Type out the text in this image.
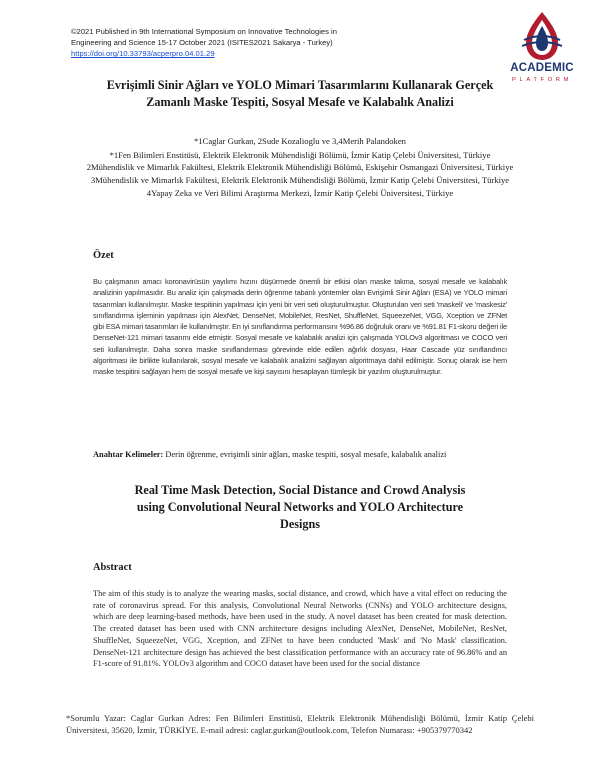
©2021 Published in 9th International Symposium on Innovative Technologies in
Engineering and Science 15-17 October 2021 (ISITES2021 Sakarya - Turkey)
https://doi.org/10.33793/acperpro.04.01.29
ACADEMIC
PLATFORM
Evrişimli Sinir Ağları ve YOLO Mimari Tasarımlarını Kullanarak Gerçek
Zamanlı Maske Tespiti, Sosyal Mesafe ve Kalabalık Analizi
*1Caglar Gurkan, 2Sude Kozalioglu ve 3,4Merih Palandoken

*1Fen Bilimleri Enstitüsü, Elektrik Elektronik Mühendisliği Bölümü, İzmir Katip Çelebi Üniversitesi, Türkiye

2Mühendislik ve Mimarlık Fakültesi, Elektrik Elektronik Mühendisliği Bölümü, Eskişehir Osmangazi Üniversitesi, Türkiye

3Mühendislik ve Mimarlık Fakültesi, Elektrik Elektronik Mühendisliği Bölümü, İzmir Katip Çelebi Üniversitesi, Türkiye

4Yapay Zeka ve Veri Bilimi Araştırma Merkezi, İzmir Katip Çelebi Üniversitesi, Türkiye

Özet
Bu çalışmanın amacı koronavirüsün yayılımı hızını düşürmede önemli bir etkisi olan maske takma, sosyal mesafe ve kalabalık analizinin yapılmasıdır. Bu analiz için çalışmada derin öğrenme tabanlı yöntemler olan Evrişimli Sinir Ağları (ESA) ve YOLO mimari tasarımları kullanılmıştır. Maske tespitinin yapılması için yeni bir veri seti oluşturulmuştur. Oluşturulan veri seti 'maskeli' ve 'maskesiz' sınıflandırma işleminin yapılması için AlexNet, DenseNet, MobileNet, ResNet, ShuffleNet, SqueezeNet, VGG, Xception ve ZFNet gibi ESA mimari tasarımları ile kullanılmıştır. En iyi sınıflandırma performansını %96.86 doğruluk oranı ve %91.81 F1-skoru değeri ile DenseNet-121 mimari tasarımı elde etmiştir. Sosyal mesafe ve kalabalık analizi için çalışmada YOLOv3 algoritması ve COCO veri seti kullanılmıştır. Daha sonra maske sınıflandırması görevinde elde edilen ağırlık dosyası, Haar Cascade yüz sınıflandırıcı algoritması ile birlikte kullanılarak, sosyal mesafe ve kalabalık analizini sağlayan algoritmaya dahil edilmiştir. Sonuç olarak ise hem maske tespitini sağlayan hem de sosyal mesafe ve kişi sayısını hesaplayan tümleşik bir yazılım oluşturulmuştur.
Anahtar Kelimeler: Derin öğrenme, evrişimli sinir ağları, maske tespiti, sosyal mesafe, kalabalık analizi
Real Time Mask Detection, Social Distance and Crowd Analysis
using Convolutional Neural Networks and YOLO Architecture
Designs
Abstract
The aim of this study is to analyze the wearing masks, social distance, and crowd, which have a vital effect on reducing the rate of coronavirus spread. For this analysis, Convolutional Neural Networks (CNNs) and YOLO architecture designs, which are deep learning-based methods, have been used in the study. A novel dataset has been created for mask detection. The created dataset has been used with CNN architecture designs including AlexNet, DenseNet, MobileNet, ResNet, ShuffleNet, SqueezeNet, VGG, Xception, and ZFNet to have been conducted 'Mask' and 'No Mask' classification. DenseNet-121 architecture design has achieved the best classification performance with an accuracy rate of 96.86% and an F1-score of 91.81%. YOLOv3 algorithm and COCO dataset have been used for the social distance
*Sorumlu Yazar: Caglar Gurkan Adres: Fen Bilimleri Enstitüsü, Elektrik Elektronik Mühendisliği Bölümü, İzmir Katip Çelebi Üniversitesi, 35620, İzmir, TÜRKİYE. E-mail adresi: caglar.gurkan@outlook.com, Telefon Numarası: +905379770342
